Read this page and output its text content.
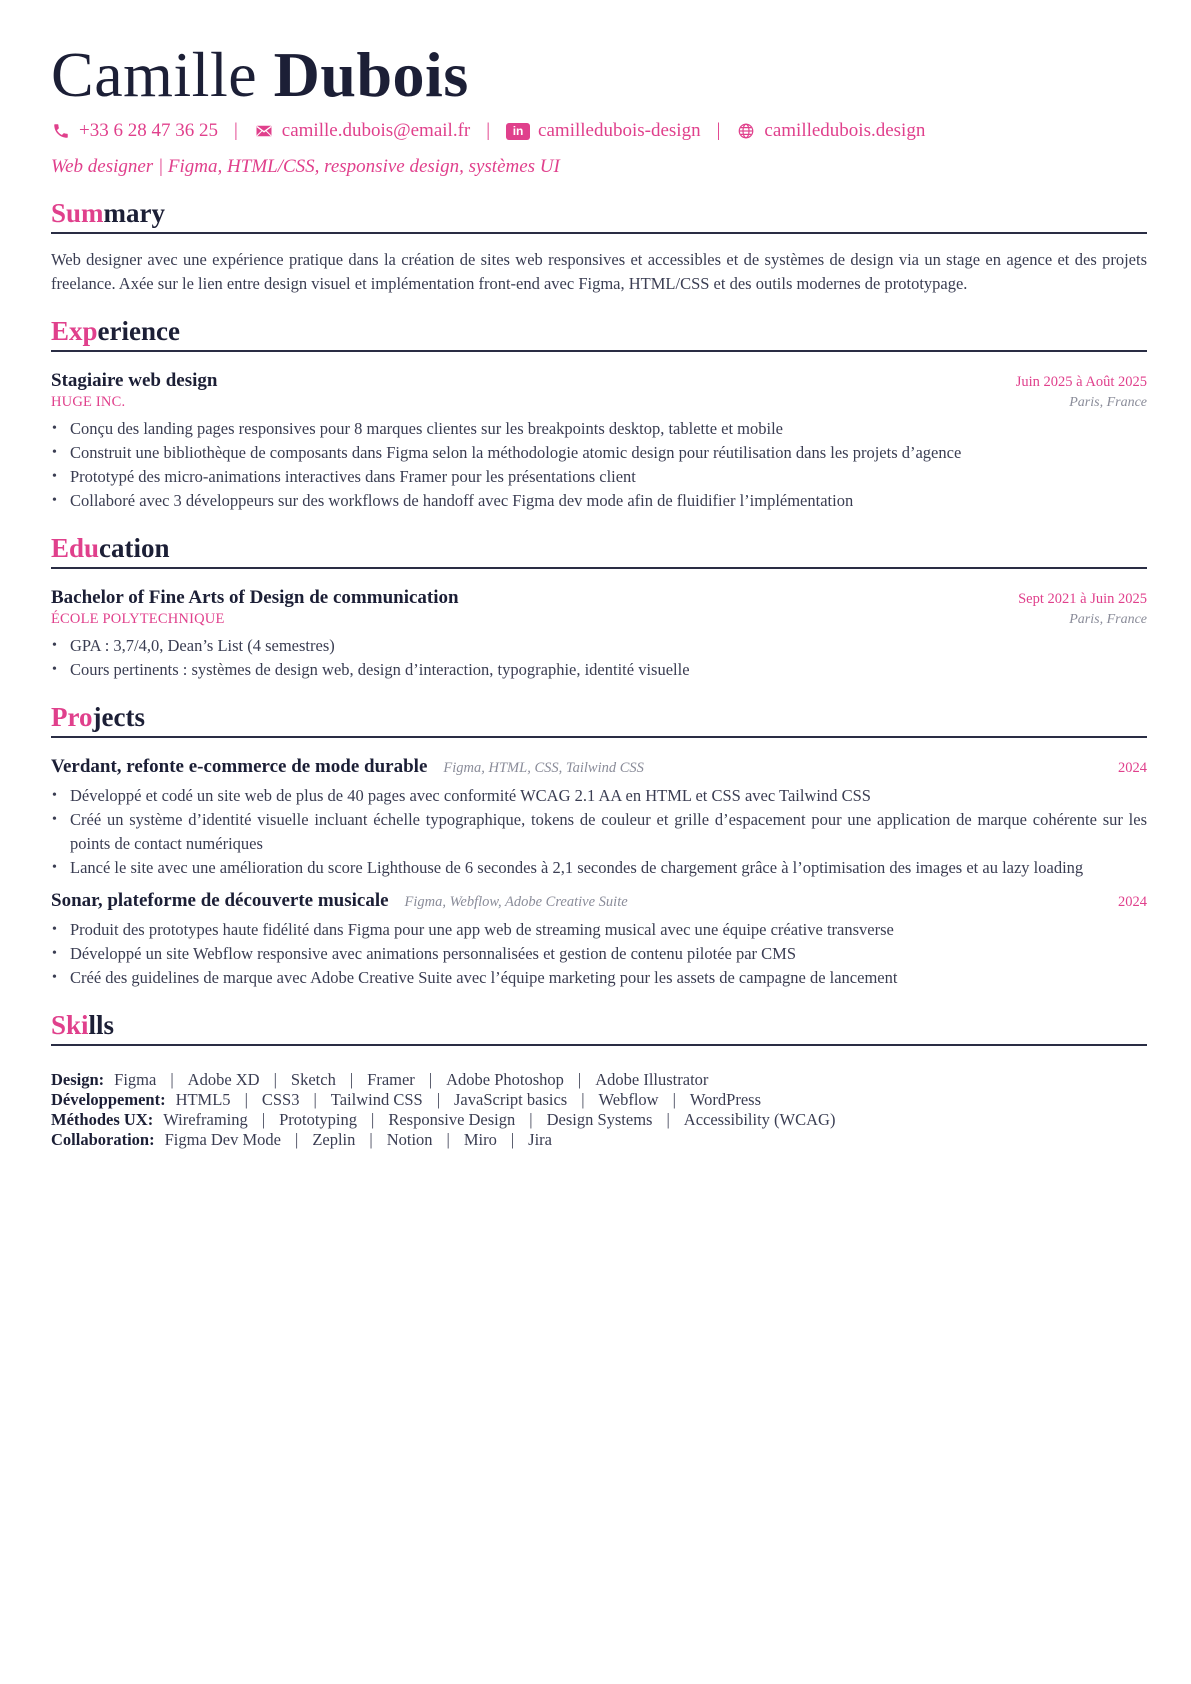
Camille Dubois
+33 6 28 47 36 25 | camille.dubois@email.fr |	in camilledubois-design | camilledubois.design
Web designer | Figma, HTML/CSS, responsive design, systèmes UI
Summary
Web designer avec une expérience pratique dans la création de sites web responsives et accessibles et de systèmes de design via un stage en agence et des projets freelance. Axée sur le lien entre design visuel et implémentation front-end avec Figma, HTML/CSS et des outils modernes de prototypage.
Experience
Stagiaire web design	Juin 2025 à Août 2025
HUGE INC.	Paris, France
• Conçu des landing pages responsives pour 8 marques clientes sur les breakpoints desktop, tablette et mobile
• Construit une bibliothèque de composants dans Figma selon la méthodologie atomic design pour réutilisation dans les projets d’agence
• Prototypé des micro-animations interactives dans Framer pour les présentations client
• Collaboré avec 3 développeurs sur des workflows de handoff avec Figma dev mode afin de fluidifier l’implémentation
Education
Bachelor of Fine Arts of Design de communication	Sept 2021 à Juin 2025
ÉCOLE POLYTECHNIQUE	Paris, France
• GPA : 3,7/4,0, Dean’s List (4 semestres)
• Cours pertinents : systèmes de design web, design d’interaction, typographie, identité visuelle
Projects
Verdant, refonte e-commerce de mode durable Figma, HTML, CSS, Tailwind CSS	2024
• Développé et codé un site web de plus de 40 pages avec conformité WCAG 2.1 AA en HTML et CSS avec Tailwind CSS
• Créé un système d’identité visuelle incluant échelle typographique, tokens de couleur et grille d’espacement pour une application de marque cohérente sur les points de contact numériques
• Lancé le site avec une amélioration du score Lighthouse de 6 secondes à 2,1 secondes de chargement grâce à l’optimisation des images et au lazy loading
Sonar, plateforme de découverte musicale Figma, Webflow, Adobe Creative Suite	2024
• Produit des prototypes haute fidélité dans Figma pour une app web de streaming musical avec une équipe créative transverse
• Développé un site Webflow responsive avec animations personnalisées et gestion de contenu pilotée par CMS
• Créé des guidelines de marque avec Adobe Creative Suite avec l’équipe marketing pour les assets de campagne de lancement
Skills
Design: Figma | Adobe XD | Sketch | Framer | Adobe Photoshop | Adobe Illustrator
Développement: HTML5 | CSS3 | Tailwind CSS | JavaScript basics | Webflow | WordPress
Méthodes UX: Wireframing | Prototyping | Responsive Design | Design Systems | Accessibility (WCAG)
Collaboration: Figma Dev Mode | Zeplin | Notion | Miro | Jira
